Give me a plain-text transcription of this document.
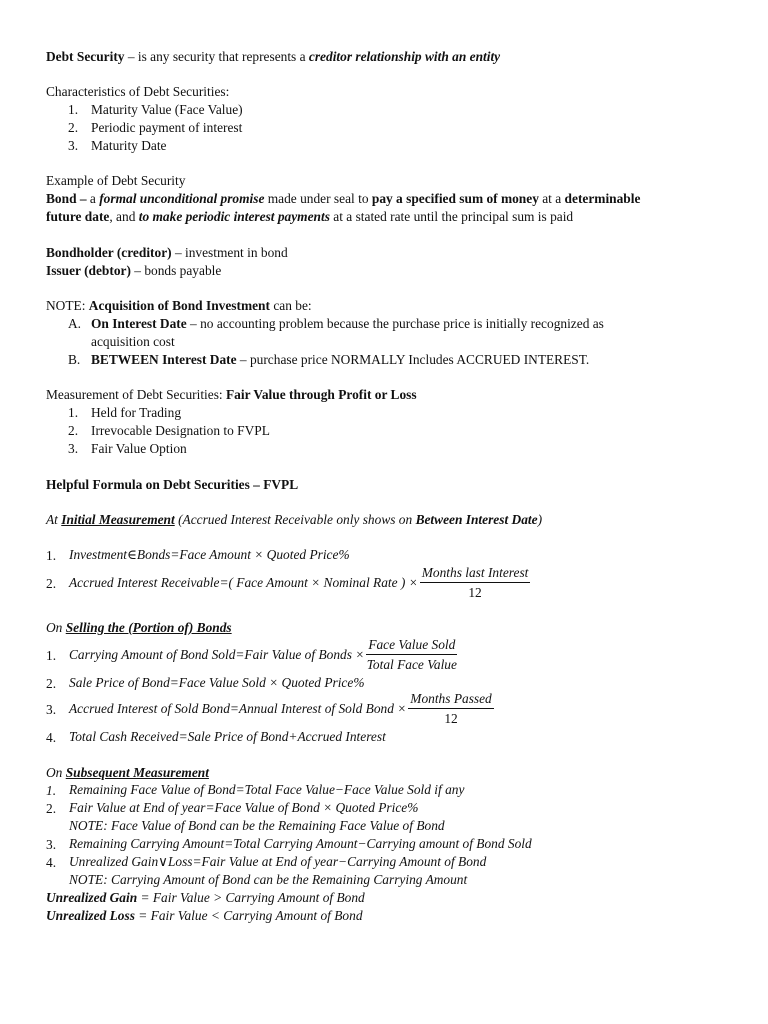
Debt Security – is any security that represents a creditor relationship with an entity
Characteristics of Debt Securities:
1. Maturity Value (Face Value)
2. Periodic payment of interest
3. Maturity Date
Example of Debt Security
Bond – a formal unconditional promise made under seal to pay a specified sum of money at a determinable
future date, and to make periodic interest payments at a stated rate until the principal sum is paid
Bondholder (creditor) – investment in bond
Issuer (debtor) – bonds payable
NOTE: Acquisition of Bond Investment can be:
A. On Interest Date – no accounting problem because the purchase price is initially recognized as
acquisition cost
B. BETWEEN Interest Date – purchase price NORMALLY Includes ACCRUED INTEREST.
Measurement of Debt Securities: Fair Value through Profit or Loss
1. Held for Trading
2. Irrevocable Designation to FVPL
3. Fair Value Option
Helpful Formula on Debt Securities – FVPL
At Initial Measurement (Accrued Interest Receivable only shows on Between Interest Date)
1. Investment∈Bonds=Face Amount × Quoted Price%
2. Accrued Interest Receivable=( Face Amount × Nominal Rate ) × $\frac{\text{Months last Interest}}{12}$
On Selling the (Portion of) Bonds
1. Carrying Amount of Bond Sold=Fair Value of Bonds × $\frac{\text{Face Value Sold}}{\text{Total Face Value}}$
2. Sale Price of Bond=Face Value Sold × Quoted Price%
3. Accrued Interest of Sold Bond=Annual Interest of Sold Bond × $\frac{\text{Months Passed}}{12}$
4. Total Cash Received=Sale Price of Bond+Accrued Interest
On Subsequent Measurement
1. Remaining Face Value of Bond=Total Face Value−Face Value Sold if any
2. Fair Value at End of year=Face Value of Bond × Quoted Price%
NOTE: Face Value of Bond can be the Remaining Face Value of Bond
3. Remaining Carrying Amount=Total Carrying Amount−Carrying amount of Bond Sold
4. Unrealized Gain∨Loss=Fair Value at End of year−Carrying Amount of Bond
NOTE: Carrying Amount of Bond can be the Remaining Carrying Amount
Unrealized Gain = Fair Value > Carrying Amount of Bond
Unrealized Loss = Fair Value < Carrying Amount of Bond
